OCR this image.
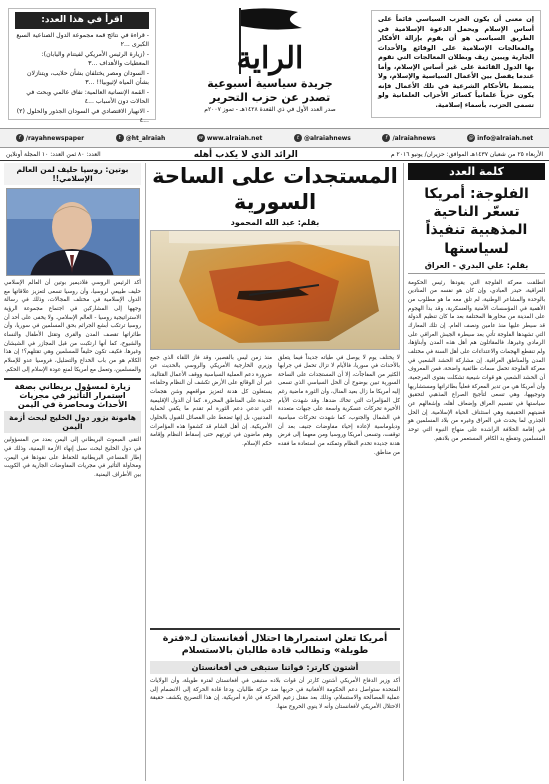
إن معنى أن يكون الحزب السياسي قائماً على أساس الإسلام ويحمل الدعوة الإسلامية في الطريق السياسي هو أن يقوم بإزالة الأفكار والمعالجات الإسلامية على الوقائع والأحداث الجارية ويبين زيف وبطلان المعالجات التي تقوم بها الدول القائمة على غير أساس الإسلام، وأما عندما يفصل بين الأعمال السياسية والإسلام، ولا يتضبط بالأحكام الشرعية في تلك الأعمال فإنه يكون حزباً علمانياً كسائر الأحزاب العلمانية ولو تسمى الحزب، بأسماء إسلامية.
الراية
جريدة سياسية أسبوعية
تصدر عن حزب التحرير
صدر العدد الأول في ذي القعدة ١٤٢٨هـ - تموز ٢٠٠٧م
اقرأ في هذا العدد:
- قراءة في نتائج قمة مجموعة الدول الصناعية السبع الكبرى ...٢
- (زيارة الرئيس الأمريكي لفيتنام واليابان): المعطيات والأهداف ...٣
- السودان ومصر يختلفان بشأن حلايب، ويتنازلان بشأن المياه لإثيوبيا!! ...٣
- القمة الإنسانية العالمية: نفاق عالمي وبحث في الحالات دون الأسباب ...٤
- الانهيار الاقتصادي في السودان الجذور والحلول (٢) ...٤
f /rayahnewspaper	t @ht_alraiah	w www.alraiah.net	t @alraiahnews	f /alraiahnews	@ info@alraiah.net
الأربعاء ٢٥ من شعبان ١٤٣٧هـ الموافق: حزيران/ يونيو ٢٠١٦ م
الرائد الذي لا يكذب أهله
العدد: ٨٠ ثمن العدد: ١٠ المجلة أونلاين
كلمة العدد
الفلوجة: أمريكا تسعّر الناحية المذهبية تنفيذاً لسياستها
بقلم: علي البدري - العراق
انطلقت معركة الفلوجة التي يقودها رئيس الحكومة العراقية، حيدر العبادي، وإن كان هو نفسه من المنادين بالوحدة والمشاعر الوطنية، لم تلق معه ما هو مطلوب من الأهمية في المؤسسات الأمنية والعسكرية، وقد بدأ الهجوم على المدينة من محاورها المختلفة بعد ما كان تنظيم الدولة قد سيطر عليها منذ عامين ونصف العام. إن تلك المعارك التي تشهدها الفلوجة تأتي بعد سيطرة الجيش العراقي على الرمادي وغيرها، فالمقاتلون هم أهل هذه المدن وأبناؤها، ولم تنقطع الهجمات والاعتداءات على أهل السنة في مختلف المدن والمناطق العراقية. إن مشاركة الحشد الشعبي في معركة الفلوجة تحمل سمات طائفية واضحة، فمن المعروف أن الحشد الشعبي هو قوات شيعية تشكلت بفتوى المرجعية، وأن أمريكا هي من تدير المعركة فعلياً بطائراتها ومستشاريها وتوجيهها، وهي تسعى لتأجيج الصراع المذهبي لتحقيق سياستها في تقسيم العراق وإضعاف أهله، وإشغالهم عن قضيتهم الحقيقية وهي استئناف الحياة الإسلامية. إن الحل الجذري لما يحدث في العراق وغيره من بلاد المسلمين هو في إقامة الخلافة الراشدة على منهاج النبوة التي توحد المسلمين وتقطع يد الكافر المستعمر من بلادهم.
المستجدات على الساحة السورية
بقلم: عبد الله المحمود
لا يختلف يوم لا يوصل في طياته جديداً فيما يتعلق بالأحداث في سوريا، فالأيام لا تزال تحمل في جرابها الكثير من المفاجآت، إلا أن المستجدات على الساحة السورية تبين بوضوح أن الحل السياسي الذي تسعى إليه أمريكا ما زال بعيد المنال، وأن الثورة ماضية رغم كل المؤامرات التي تحاك ضدها. وقد شهدت الأيام الأخيرة تحركات عسكرية واسعة على جبهات متعددة في الشمال والجنوب، كما شهدت تحركات سياسية ودبلوماسية لإعادة إحياء مفاوضات جنيف بعد أن توقفت، وتسعى أمريكا وروسيا ومن معهما إلى فرض هدنة جديدة تخدم النظام وتمكنه من استعادة ما فقده من مناطق.
منذ زمن ليس بالقصير، وقد فاز اللقاء الذي جمع وزيري الخارجية الأمريكي والروسي بالحديث عن ضرورة دعم العملية السياسية ووقف الأعمال القتالية، غير أن الوقائع على الأرض تكشف أن النظام وحلفاءه يستغلون كل هدنة لتعزيز مواقعهم وشن هجمات جديدة على المناطق المحررة. كما أن الدول الإقليمية التي تدعي دعم الثورة لم تقدم ما يكفي لحماية المدنيين، بل إنها تضغط على الفصائل للقبول بالحلول الأمريكية. إن أهل الشام قد كشفوا هذه المؤامرات وهم ماضون في ثورتهم حتى إسقاط النظام وإقامة حكم الإسلام.
أمريكا تعلن استمرارها احتلال أفغانستان لـ«فترة طويلة» وتطالب قادة طالبان بالاستسلام
أشتون كارتر: قواتنا ستبقى في أفغانستان
أكد وزير الدفاع الأمريكي أشتون كارتر أن قوات بلاده ستبقى في أفغانستان لفترة طويلة، وأن الولايات المتحدة ستواصل دعم الحكومة الأفغانية في حربها ضد حركة طالبان، ودعا قادة الحركة إلى الانضمام إلى عملية المصالحة والاستسلام، وذلك بعد مقتل زعيم الحركة في غارة أمريكية. إن هذا التصريح يكشف حقيقة الاحتلال الأمريكي لأفغانستان وأنه لا ينوي الخروج منها.
بوتين: روسيا حليف لمن العالم الإسلامي!!
أكد الرئيس الروسي فلاديمير بوتين أن العالم الإسلامي حليف طبيعي لروسيا، وأن روسيا تسعى لتعزيز علاقاتها مع الدول الإسلامية في مختلف المجالات، وذلك في رسالة وجهها إلى المشاركين في اجتماع مجموعة الرؤية الاستراتيجية روسيا - العالم الإسلامي. ولا يخفى على أحد أن روسيا ترتكب أبشع الجرائم بحق المسلمين في سوريا، وأن طائراتها تقصف المدن والقرى وتقتل الأطفال والنساء والشيوخ، كما أنها ارتكبت من قبل المجازر في الشيشان وغيرها. فكيف تكون حليفاً للمسلمين وهي تقتلهم؟! إن هذا الكلام هو من باب الخداع والتضليل، فروسيا عدو للإسلام والمسلمين، وتعمل مع أمريكا لمنع عودة الإسلام إلى الحكم.
زيارة لمسؤول بريطاني بصفة استمرار التأثير في مجريات الأحداث ومحاصرة في اليمن
هامونة يزور دول الخليج لبحث أزمة اليمن
التقى المبعوث البريطاني إلى اليمن بعدد من المسؤولين في دول الخليج لبحث سبل إنهاء الأزمة اليمنية، وذلك في إطار المساعي البريطانية للحفاظ على نفوذها في اليمن، ومحاولة التأثير في مجريات المفاوضات الجارية في الكويت بين الأطراف اليمنية.
